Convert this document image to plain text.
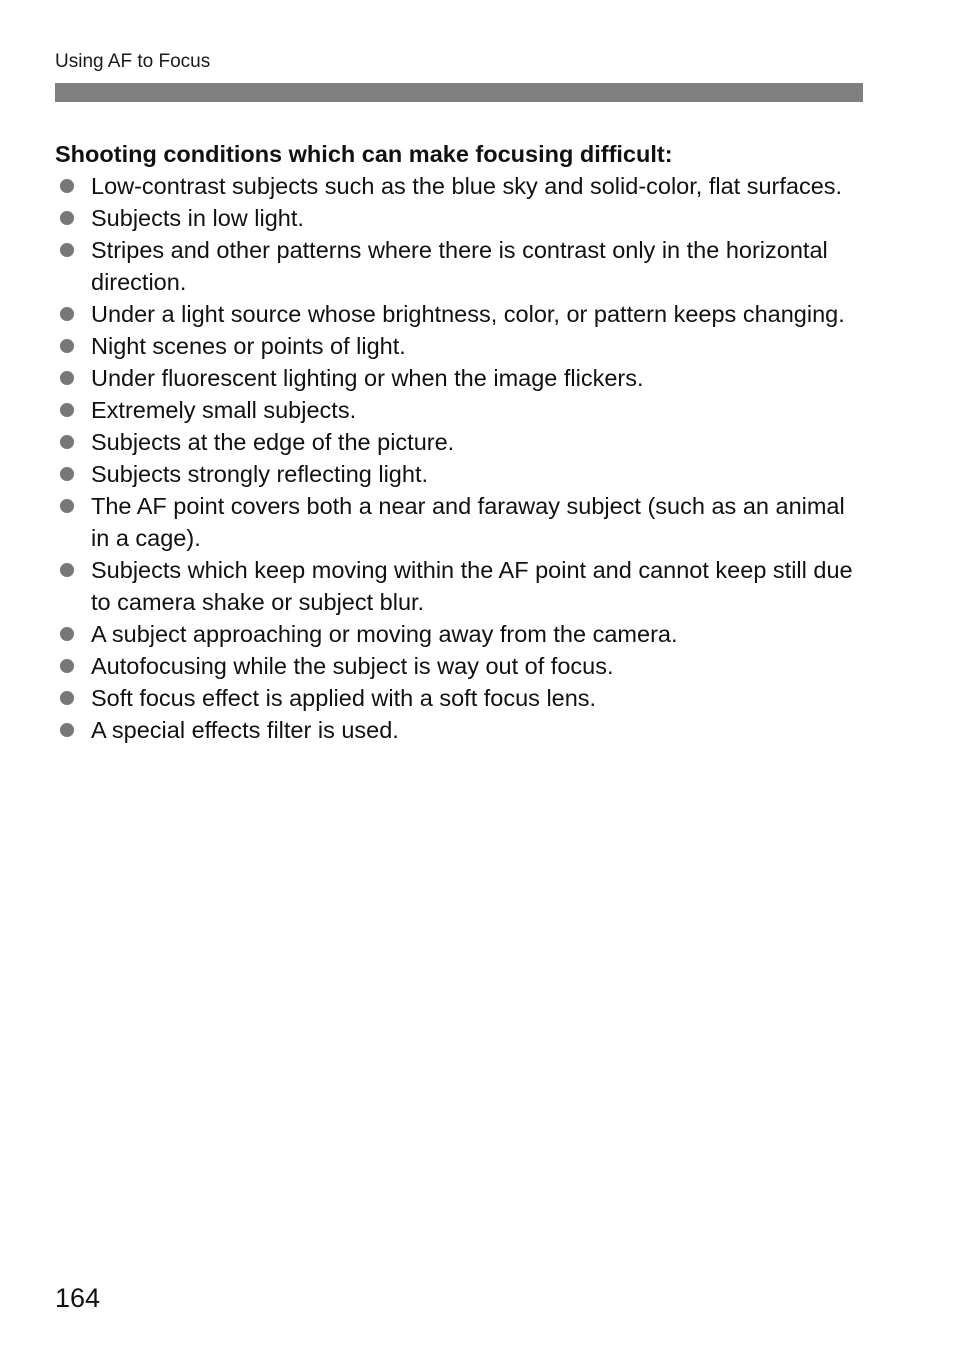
Using AF to Focus

Shooting conditions which can make focusing difficult:

Low-contrast subjects such as the blue sky and solid-color, flat surfaces.
Subjects in low light.
Stripes and other patterns where there is contrast only in the horizontal direction.
Under a light source whose brightness, color, or pattern keeps changing.
Night scenes or points of light.
Under fluorescent lighting or when the image flickers.
Extremely small subjects.
Subjects at the edge of the picture.
Subjects strongly reflecting light.
The AF point covers both a near and faraway subject (such as an animal in a cage).
Subjects which keep moving within the AF point and cannot keep still due to camera shake or subject blur.
A subject approaching or moving away from the camera.
Autofocusing while the subject is way out of focus.
Soft focus effect is applied with a soft focus lens.
A special effects filter is used.
164
